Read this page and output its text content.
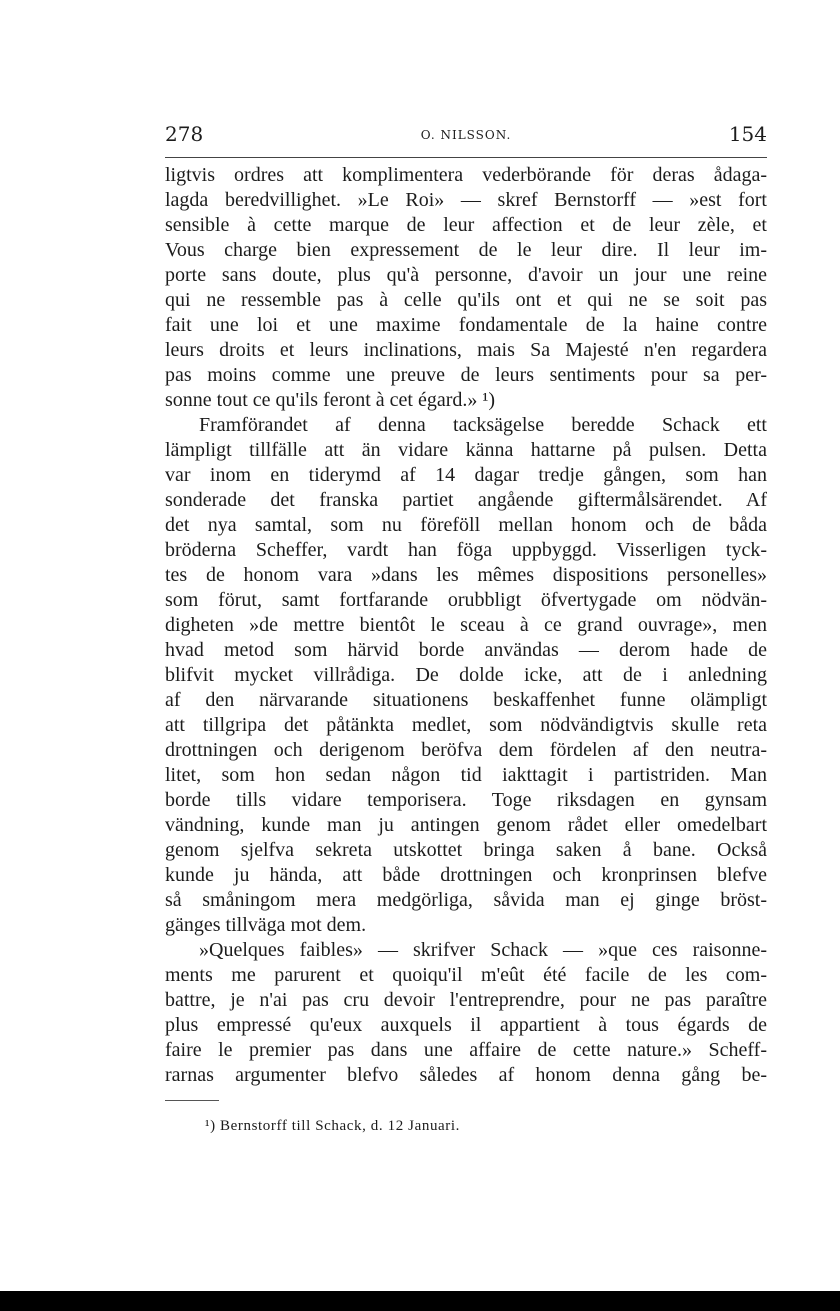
278	O. NILSSON.	154
ligtvis ordres att komplimentera vederbörande för deras ådaga-
lagda beredvillighet. »Le Roi» — skref Bernstorff — »est fort
sensible à cette marque de leur affection et de leur zèle, et
Vous charge bien expressement de le leur dire. Il leur im-
porte sans doute, plus qu'à personne, d'avoir un jour une reine
qui ne ressemble pas à celle qu'ils ont et qui ne se soit pas
fait une loi et une maxime fondamentale de la haine contre
leurs droits et leurs inclinations, mais Sa Majesté n'en regardera
pas moins comme une preuve de leurs sentiments pour sa per-
sonne tout ce qu'ils feront à cet égard.» ¹)
Framförandet af denna tacksägelse beredde Schack ett
lämpligt tillfälle att än vidare känna hattarne på pulsen. Detta
var inom en tiderymd af 14 dagar tredje gången, som han
sonderade det franska partiet angående giftermålsärendet. Af
det nya samtal, som nu föreföll mellan honom och de båda
bröderna Scheffer, vardt han föga uppbyggd. Visserligen tyck-
tes de honom vara »dans les mêmes dispositions personelles»
som förut, samt fortfarande orubbligt öfvertygade om nödvän-
digheten »de mettre bientôt le sceau à ce grand ouvrage», men
hvad metod som härvid borde användas — derom hade de
blifvit mycket villrådiga. De dolde icke, att de i anledning
af den närvarande situationens beskaffenhet funne olämpligt
att tillgripa det påtänkta medlet, som nödvändigtvis skulle reta
drottningen och derigenom beröfva dem fördelen af den neutra-
litet, som hon sedan någon tid iakttagit i partistriden. Man
borde tills vidare temporisera. Toge riksdagen en gynsam
vändning, kunde man ju antingen genom rådet eller omedelbart
genom sjelfva sekreta utskottet bringa saken å bane. Också
kunde ju hända, att både drottningen och kronprinsen blefve
så småningom mera medgörliga, såvida man ej ginge bröst-
gänges tillväga mot dem.
»Quelques faibles» — skrifver Schack — »que ces raisonne-
ments me parurent et quoiqu'il m'eût été facile de les com-
battre, je n'ai pas cru devoir l'entreprendre, pour ne pas paraître
plus empressé qu'eux auxquels il appartient à tous égards de
faire le premier pas dans une affaire de cette nature.» Scheff-
rarnas argumenter blefvo således af honom denna gång be-
¹) Bernstorff till Schack, d. 12 Januari.
